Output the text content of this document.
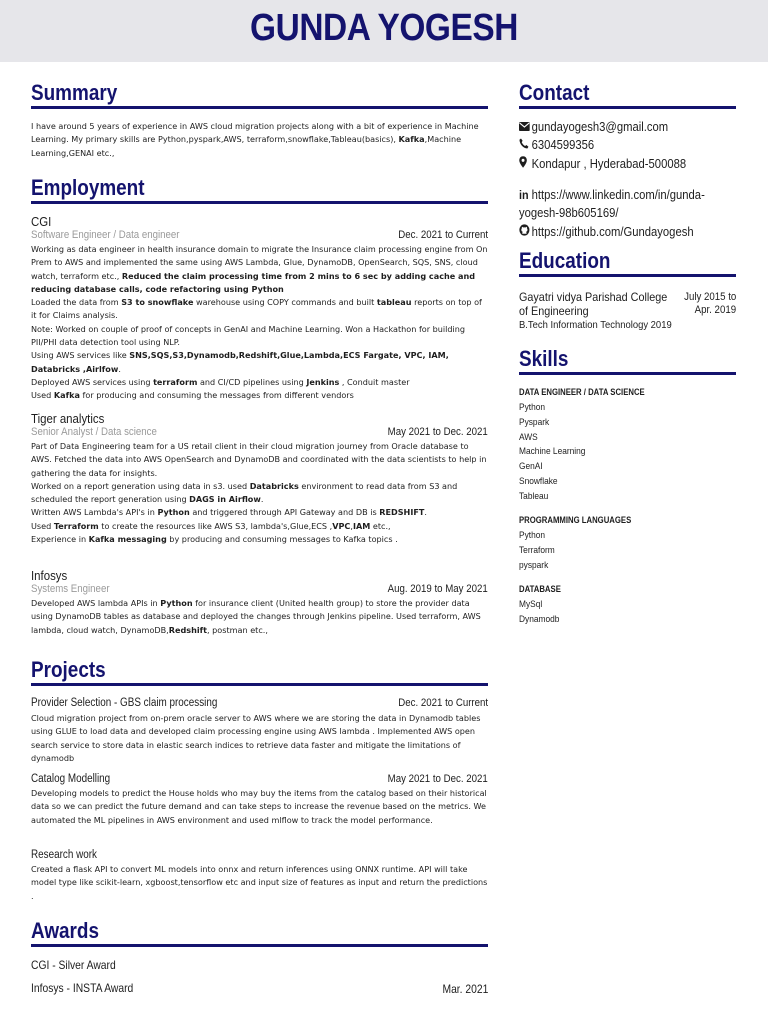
GUNDA YOGESH
Summary
I have around 5 years of experience in AWS cloud migration projects along with a bit of experience in Machine Learning. My primary skills are Python,pyspark,AWS, terraform,snowflake,Tableau(basics), Kafka,Machine Learning,GENAI etc.,
Employment
CGI
Software Engineer / Data engineer	Dec. 2021 to Current
Working as data engineer in health insurance domain to migrate the Insurance claim processing engine from On Prem to AWS and implemented the same using AWS Lambda, Glue, DynamoDB, OpenSearch, SQS, SNS, cloud watch, terraform etc., Reduced the claim processing time from 2 mins to 6 sec by adding cache and reducing database calls, code refactoring using Python
Loaded the data from S3 to snowflake warehouse using COPY commands and built tableau reports on top of it for Claims analysis.
Note: Worked on couple of proof of concepts in GenAI and Machine Learning. Won a Hackathon for building PII/PHI data detection tool using NLP.
Using AWS services like SNS,SQS,S3,Dynamodb,Redshift,Glue,Lambda,ECS Fargate, VPC, IAM, Databricks ,Airlfow.
Deployed AWS services using terraform and CI/CD pipelines using Jenkins , Conduit master
Used Kafka for producing and consuming the messages from different vendors
Tiger analytics
Senior Analyst / Data science	May 2021 to Dec. 2021
Part of Data Engineering team for a US retail client in their cloud migration journey from Oracle database to AWS. Fetched the data into AWS OpenSearch and DynamoDB and coordinated with the data scientists to help in gathering the data for insights.
Worked on a report generation using data in s3. used Databricks environment to read data from S3 and scheduled the report generation using DAGS in Airflow.
Written AWS Lambda's API's in Python and triggered through API Gateway and DB is REDSHIFT.
Used Terraform to create the resources like AWS S3, lambda's,Glue,ECS ,VPC,IAM etc.,
Experience in Kafka messaging by producing and consuming messages to Kafka topics .
Infosys
Systems Engineer	Aug. 2019 to May 2021
Developed AWS lambda APIs in Python for insurance client (United health group) to store the provider data using DynamoDB tables as database and deployed the changes through Jenkins pipeline. Used terraform, AWS lambda, cloud watch, DynamoDB,Redshift, postman etc.,
Projects
Provider Selection - GBS claim processing	Dec. 2021 to Current
Cloud migration project from on-prem oracle server to AWS where we are storing the data in Dynamodb tables using GLUE to load data and developed claim processing engine using AWS lambda . Implemented AWS open search service to store data in elastic search indices to retrieve data faster and mitigate the limitations of dynamodb
Catalog Modelling	May 2021 to Dec. 2021
Developing models to predict the House holds who may buy the items from the catalog based on their historical data so we can predict the future demand and can take steps to increase the revenue based on the metrics. We automated the ML pipelines in AWS environment and used mlflow to track the model performance.
Research work
Created a flask API to convert ML models into onnx and return inferences using ONNX runtime. API will take model type like scikit-learn, xgboost,tensorflow etc and input size of features as input and return the predictions .
Awards
CGI - Silver Award
Infosys - INSTA Award	Mar. 2021
Contact
gundayogesh3@gmail.com
6304599356
Kondapur , Hyderabad-500088
in https://www.linkedin.com/in/gunda-
yogesh-98b605169/
https://github.com/Gundayogesh
Education
Gayatri vidya Parishad College
of Engineering
July 2015 to
Apr. 2019
B.Tech Information Technology 2019
Skills
DATA ENGINEER / DATA SCIENCE
Python
Pyspark
AWS
Machine Learning
GenAI
Snowflake
Tableau
PROGRAMMING LANGUAGES
Python
Terraform
pyspark
DATABASE
MySql
Dynamodb
